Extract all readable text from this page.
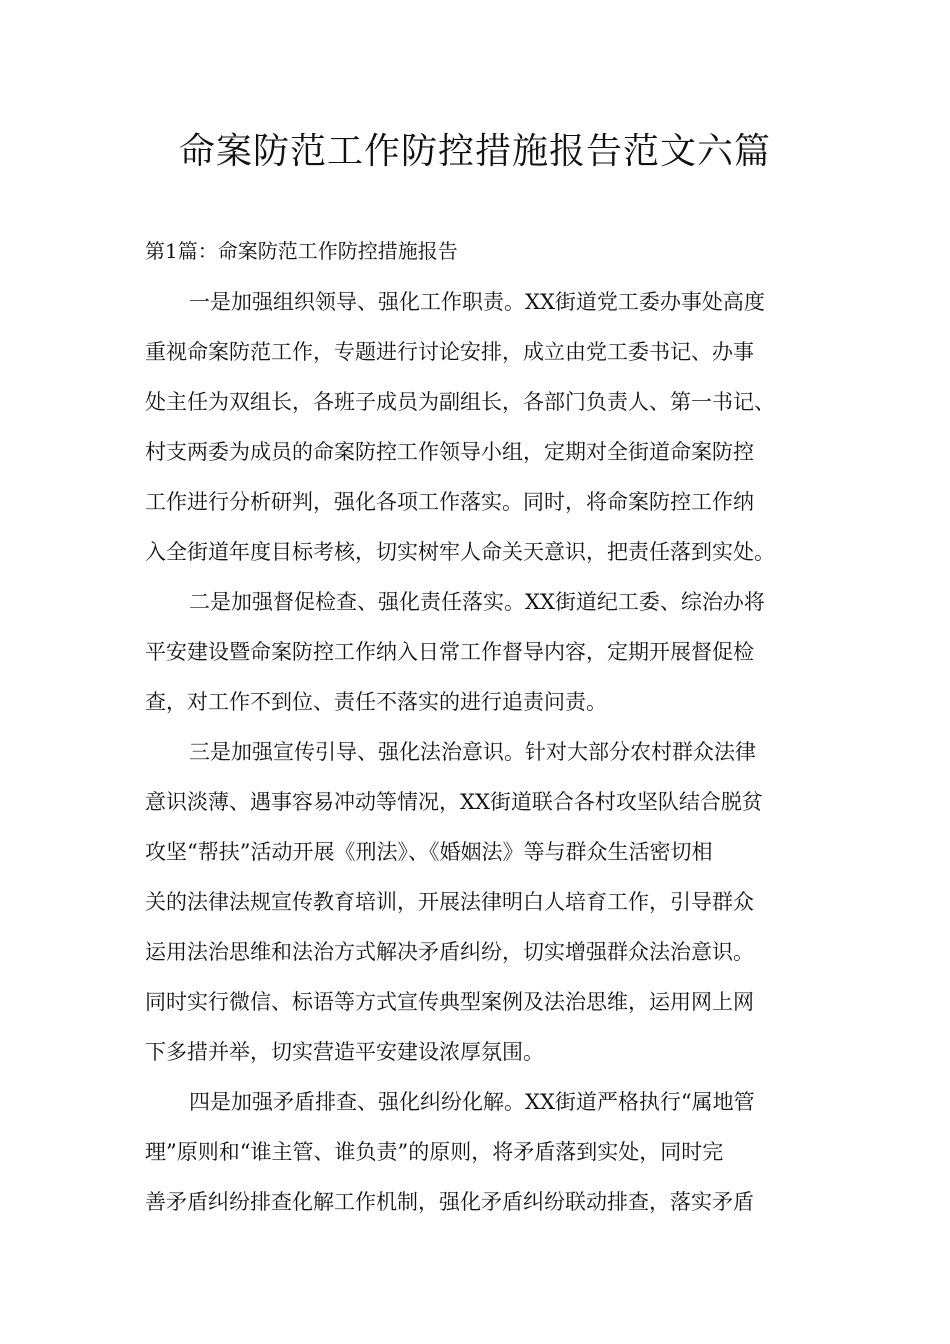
命案防范工作防控措施报告范文六篇
第1篇：命案防范工作防控措施报告
一是加强组织领导、强化工作职责。XX街道党工委办事处高度
重视命案防范工作，专题进行讨论安排，成立由党工委书记、办事
处主任为双组长，各班子成员为副组长，各部门负责人、第一书记、
村支两委为成员的命案防控工作领导小组，定期对全街道命案防控
工作进行分析研判，强化各项工作落实。同时，将命案防控工作纳
入全街道年度目标考核，切实树牢人命关天意识，把责任落到实处。
二是加强督促检查、强化责任落实。XX街道纪工委、综治办将
平安建设暨命案防控工作纳入日常工作督导内容，定期开展督促检
查，对工作不到位、责任不落实的进行追责问责。
三是加强宣传引导、强化法治意识。针对大部分农村群众法律
意识淡薄、遇事容易冲动等情况，XX街道联合各村攻坚队结合脱贫
攻坚“帮扶”活动开展《刑法》、《婚姻法》等与群众生活密切相
关的法律法规宣传教育培训，开展法律明白人培育工作，引导群众
运用法治思维和法治方式解决矛盾纠纷，切实增强群众法治意识。
同时实行微信、标语等方式宣传典型案例及法治思维，运用网上网
下多措并举，切实营造平安建设浓厚氛围。
四是加强矛盾排查、强化纠纷化解。XX街道严格执行“属地管
理”原则和“谁主管、谁负责”的原则，将矛盾落到实处，同时完
善矛盾纠纷排查化解工作机制，强化矛盾纠纷联动排查，落实矛盾
